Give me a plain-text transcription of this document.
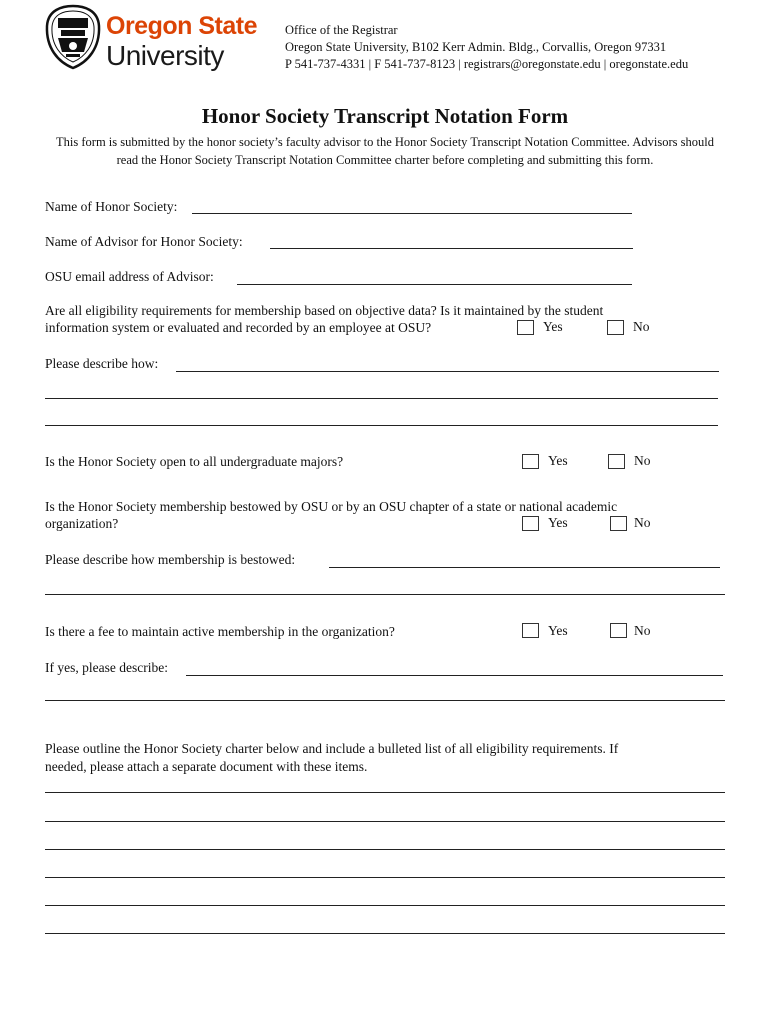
Oregon State
University
Office of the Registrar
Oregon State University, B102 Kerr Admin. Bldg., Corvallis, Oregon 97331
P 541-737-4331 | F 541-737-8123 | registrars@oregonstate.edu | oregonstate.edu
Honor Society Transcript Notation Form
This form is submitted by the honor society’s faculty advisor to the Honor Society Transcript Notation Committee. Advisors should read the Honor Society Transcript Notation Committee charter before completing and submitting this form.
Name of Honor Society:
Name of Advisor for Honor Society:
OSU email address of Advisor:
Are all eligibility requirements for membership based on objective data? Is it maintained by the student
information system or evaluated and recorded by an employee at OSU?	Yes	No
Please describe how:
Is the Honor Society open to all undergraduate majors?	Yes	No
Is the Honor Society membership bestowed by OSU or by an OSU chapter of a state or national academic
organization?	Yes	No
Please describe how membership is bestowed:
Is there a fee to maintain active membership in the organization?	Yes	No
If yes, please describe:
Please outline the Honor Society charter below and include a bulleted list of all eligibility requirements. If
needed, please attach a separate document with these items.
